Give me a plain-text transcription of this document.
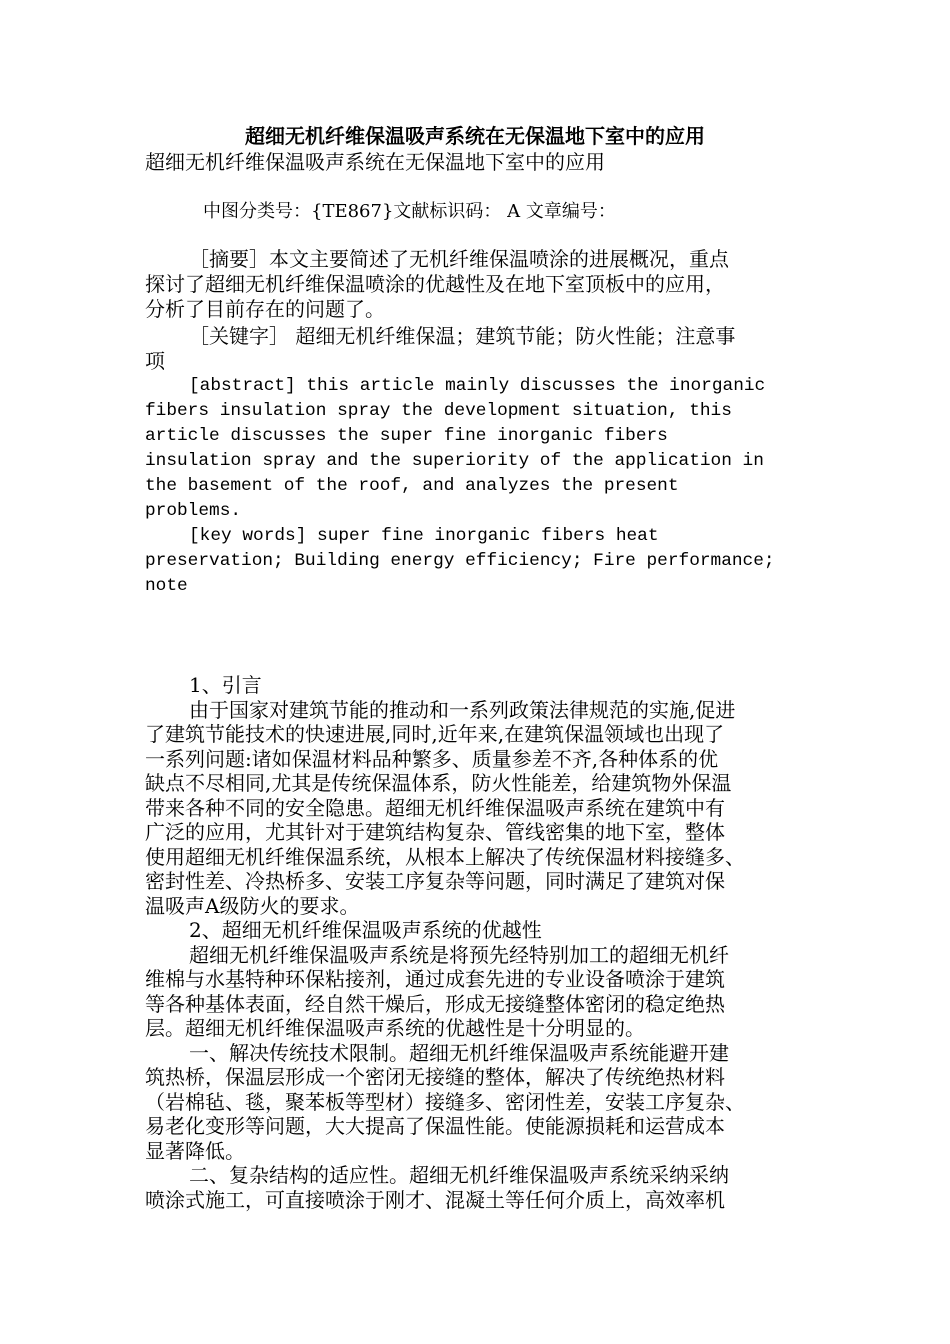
超细无机纤维保温吸声系统在无保温地下室中的应用
超细无机纤维保温吸声系统在无保温地下室中的应用
中图分类号：{TE867}文献标识码： A 文章编号：
［摘要］本文主要简述了无机纤维保温喷涂的进展概况，重点
探讨了超细无机纤维保温喷涂的优越性及在地下室顶板中的应用，
分析了目前存在的问题了。
［关键字］ 超细无机纤维保温；建筑节能；防火性能；注意事
项
[abstract] this article mainly discusses the inorganic
fibers insulation spray the development situation, this
article discusses the super fine inorganic fibers
insulation spray and the superiority of the application in
the basement of the roof, and analyzes the present
problems.
[key words] super fine inorganic fibers heat
preservation; Building energy efficiency; Fire performance;
note
1、引言
由于国家对建筑节能的推动和一系列政策法律规范的实施,促进
了建筑节能技术的快速进展,同时,近年来,在建筑保温领域也出现了
一系列问题:诸如保温材料品种繁多、质量参差不齐,各种体系的优
缺点不尽相同,尤其是传统保温体系，防火性能差，给建筑物外保温
带来各种不同的安全隐患。超细无机纤维保温吸声系统在建筑中有
广泛的应用，尤其针对于建筑结构复杂、管线密集的地下室，整体
使用超细无机纤维保温系统，从根本上解决了传统保温材料接缝多、
密封性差、冷热桥多、安装工序复杂等问题，同时满足了建筑对保
温吸声A级防火的要求。
2、超细无机纤维保温吸声系统的优越性
超细无机纤维保温吸声系统是将预先经特别加工的超细无机纤
维棉与水基特种环保粘接剂，通过成套先进的专业设备喷涂于建筑
等各种基体表面，经自然干燥后，形成无接缝整体密闭的稳定绝热
层。超细无机纤维保温吸声系统的优越性是十分明显的。
一、解决传统技术限制。超细无机纤维保温吸声系统能避开建
筑热桥，保温层形成一个密闭无接缝的整体，解决了传统绝热材料
（岩棉毡、毯，聚苯板等型材）接缝多、密闭性差，安装工序复杂、
易老化变形等问题，大大提高了保温性能。使能源损耗和运营成本
显著降低。
二、复杂结构的适应性。超细无机纤维保温吸声系统采纳采纳
喷涂式施工，可直接喷涂于刚才、混凝土等任何介质上，高效率机
